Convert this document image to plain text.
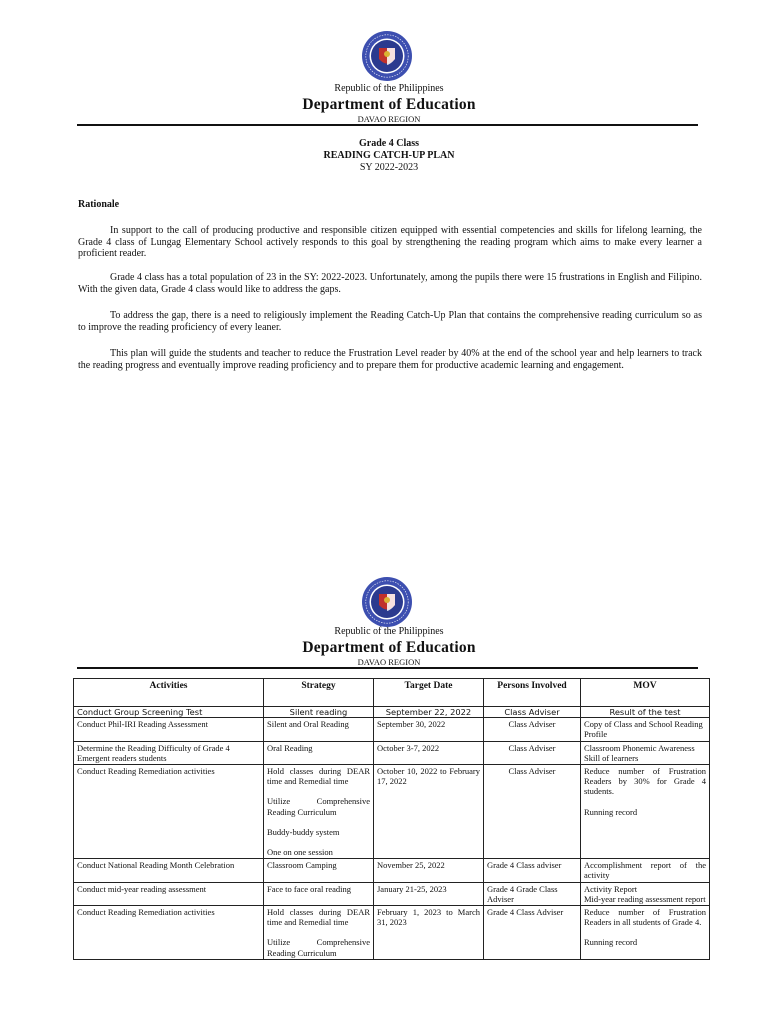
Republic of the Philippines
Department of Education
DAVAO REGION
Grade 4 Class
READING CATCH-UP PLAN
SY 2022-2023
Rationale

In support to the call of producing productive and responsible citizen equipped with essential competencies and skills for lifelong learning, the Grade 4 class of Lungag Elementary School actively responds to this goal by strengthening the reading program which aims to make every learner a proficient reader.

Grade 4 class has a total population of 23 in the SY: 2022-2023. Unfortunately, among the pupils there were 15 frustrations in English and Filipino. With the given data, Grade 4 class would like to address the gaps.

To address the gap, there is a need to religiously implement the Reading Catch-Up Plan that contains the comprehensive reading curriculum so as to improve the reading proficiency of every leaner.

This plan will guide the students and teacher to reduce the Frustration Level reader by 40% at the end of the school year and help learners to track the reading progress and eventually improve reading proficiency and to prepare them for productive academic learning and engagement.

Republic of the Philippines
Department of Education
DAVAO REGION
Activities	Strategy	Target Date	Persons Involved	MOV
Conduct Group Screening Test	Silent reading	September 22, 2022	Class Adviser	Result of the test
Conduct Phil-IRI Reading Assessment	Silent and Oral Reading	September 30, 2022	Class Adviser	Copy of Class and School Reading Profile
Determine the Reading Difficulty of Grade 4 Emergent readers students	Oral Reading	October 3-7, 2022	Class Adviser	Classroom Phonemic Awareness Skill of learners
Conduct Reading Remediation activities	Hold classes during DEAR time and Remedial time
Utilize Comprehensive Reading Curriculum
Buddy-buddy system
One on one session	October 10, 2022 to February 17, 2022	Class Adviser	Reduce number of Frustration Readers by 30% for Grade 4 students.
Running record

Conduct National Reading Month Celebration	Classroom Camping	November 25, 2022	Grade 4 Class adviser	Accomplishment report of the activity
Conduct mid-year reading assessment	Face to face oral reading	January 21-25, 2023	Grade 4 Grade Class Adviser	Activity Report
Mid-year reading assessment report

Conduct Reading Remediation activities	Hold classes during DEAR time and Remedial time
Utilize Comprehensive Reading Curriculum	February 1, 2023 to March 31, 2023	Grade 4 Class Adviser	Reduce number of Frustration Readers in all students of Grade 4.
Running record
